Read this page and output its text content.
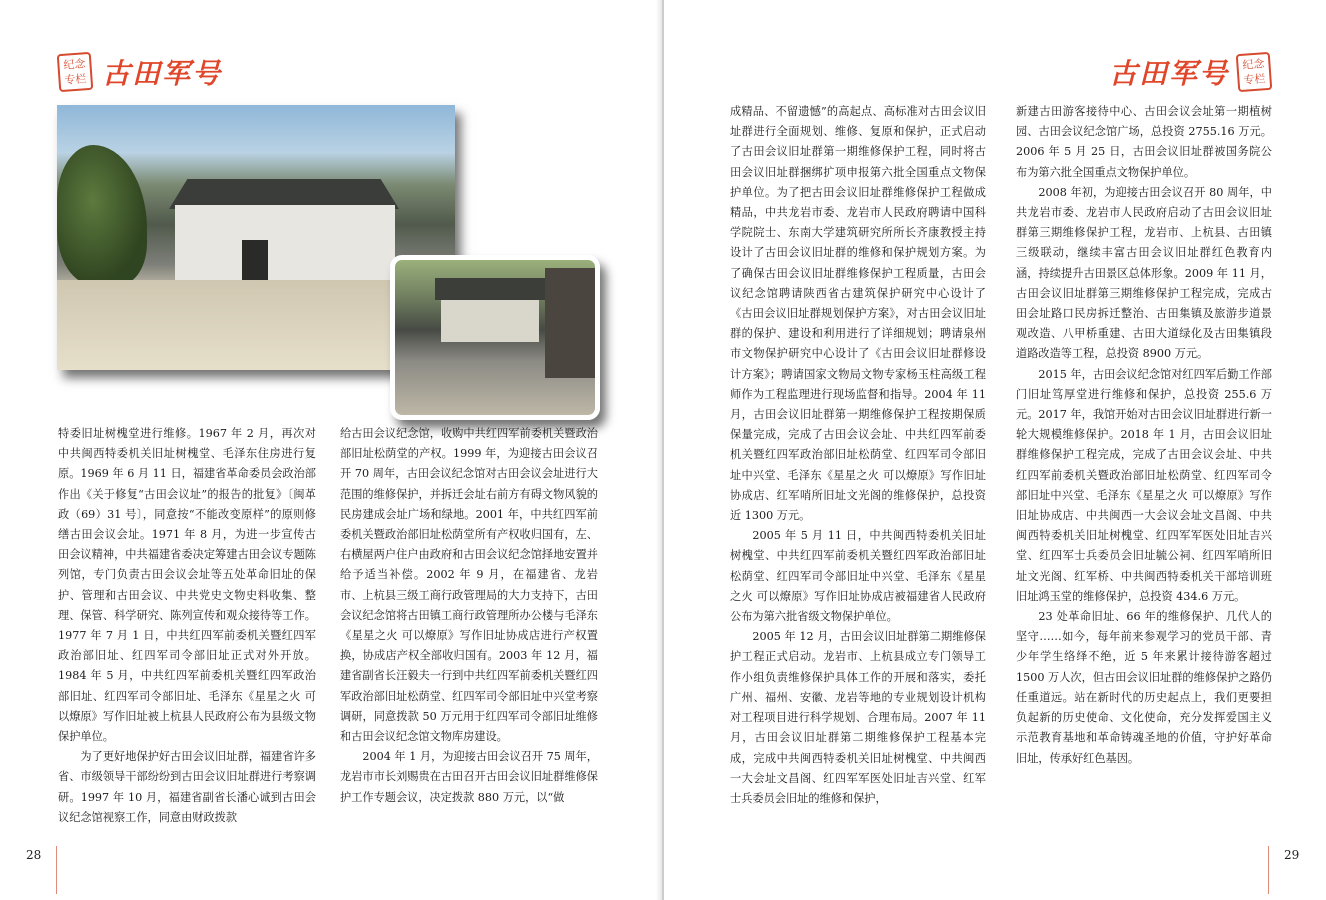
纪念专栏 古田军号

特委旧址树槐堂进行维修。1967 年 2 月，再次对中共闽西特委机关旧址树槐堂、毛泽东住房进行复原。1969 年 6 月 11 日，福建省革命委员会政治部作出《关于修复“古田会议址”的报告的批复》〔闽革政（69）31 号〕，同意按“不能改变原样”的原则修缮古田会议会址。1971 年 8 月，为进一步宣传古田会议精神，中共福建省委决定筹建古田会议专题陈列馆，专门负责古田会议会址等五处革命旧址的保护、管理和古田会议、中共党史文物史料收集、整理、保管、科学研究、陈列宣传和观众接待等工作。1977 年 7 月 1 日，中共红四军前委机关暨红四军政治部旧址、红四军司令部旧址正式对外开放。1984 年 5 月，中共红四军前委机关暨红四军政治部旧址、红四军司令部旧址、毛泽东《星星之火 可以燎原》写作旧址被上杭县人民政府公布为县级文物保护单位。

为了更好地保护好古田会议旧址群，福建省许多省、市级领导干部纷纷到古田会议旧址群进行考察调研。1997 年 10 月，福建省副省长潘心诚到古田会议纪念馆视察工作，同意由财政拨款

给古田会议纪念馆，收购中共红四军前委机关暨政治部旧址松荫堂的产权。1999 年，为迎接古田会议召开 70 周年，古田会议纪念馆对古田会议会址进行大范围的维修保护，并拆迁会址右前方有碍文物风貌的民房建成会址广场和绿地。2001 年，中共红四军前委机关暨政治部旧址松荫堂所有产权收归国有，左、右横屋两户住户由政府和古田会议纪念馆择地安置并给予适当补偿。2002 年 9 月，在福建省、龙岩市、上杭县三级工商行政管理局的大力支持下，古田会议纪念馆将古田镇工商行政管理所办公楼与毛泽东《星星之火 可以燎原》写作旧址协成店进行产权置换，协成店产权全部收归国有。2003 年 12 月，福建省副省长汪毅夫一行到中共红四军前委机关暨红四军政治部旧址松荫堂、红四军司令部旧址中兴堂考察调研，同意拨款 50 万元用于红四军司令部旧址维修和古田会议纪念馆文物库房建设。

2004 年 1 月，为迎接古田会议召开 75 周年，龙岩市市长刘赐贵在古田召开古田会议旧址群维修保护工作专题会议，决定拨款 880 万元，以“做

28
古田军号	纪念专栏

成精品、不留遗憾”的高起点、高标准对古田会议旧址群进行全面规划、维修、复原和保护，正式启动了古田会议旧址群第一期维修保护工程，同时将古田会议旧址群捆绑扩项申报第六批全国重点文物保护单位。为了把古田会议旧址群维修保护工程做成精品，中共龙岩市委、龙岩市人民政府聘请中国科学院院士、东南大学建筑研究所所长齐康教授主持设计了古田会议旧址群的维修和保护规划方案。为了确保古田会议旧址群维修保护工程质量，古田会议纪念馆聘请陕西省古建筑保护研究中心设计了《古田会议旧址群规划保护方案》，对古田会议旧址群的保护、建设和利用进行了详细规划；聘请泉州市文物保护研究中心设计了《古田会议旧址群修设计方案》；聘请国家文物局文物专家杨玉柱高级工程师作为工程监理进行现场监督和指导。2004 年 11 月，古田会议旧址群第一期维修保护工程按期保质保量完成，完成了古田会议会址、中共红四军前委机关暨红四军政治部旧址松荫堂、红四军司令部旧址中兴堂、毛泽东《星星之火 可以燎原》写作旧址协成店、红军哨所旧址文光阁的维修保护，总投资近 1300 万元。

2005 年 5 月 11 日，中共闽西特委机关旧址树槐堂、中共红四军前委机关暨红四军政治部旧址松荫堂、红四军司令部旧址中兴堂、毛泽东《星星之火 可以燎原》写作旧址协成店被福建省人民政府公布为第六批省级文物保护单位。

2005 年 12 月，古田会议旧址群第二期维修保护工程正式启动。龙岩市、上杭县成立专门领导工作小组负责维修保护具体工作的开展和落实，委托广州、福州、安徽、龙岩等地的专业规划设计机构对工程项目进行科学规划、合理布局。2007 年 11 月，古田会议旧址群第二期维修保护工程基本完成，完成中共闽西特委机关旧址树槐堂、中共闽西一大会址文昌阁、红四军军医处旧址吉兴堂、红军士兵委员会旧址的维修和保护，

新建古田游客接待中心、古田会议会址第一期植树园、古田会议纪念馆广场，总投资 2755.16 万元。2006 年 5 月 25 日，古田会议旧址群被国务院公布为第六批全国重点文物保护单位。

2008 年初，为迎接古田会议召开 80 周年，中共龙岩市委、龙岩市人民政府启动了古田会议旧址群第三期维修保护工程，龙岩市、上杭县、古田镇三级联动，继续丰富古田会议旧址群红色教育内涵，持续提升古田景区总体形象。2009 年 11 月，古田会议旧址群第三期维修保护工程完成，完成古田会址路口民房拆迁整治、古田集镇及旅游步道景观改造、八甲桥重建、古田大道绿化及古田集镇段道路改造等工程，总投资 8900 万元。

2015 年，古田会议纪念馆对红四军后勤工作部门旧址笃厚堂进行维修和保护，总投资 255.6 万元。2017 年，我馆开始对古田会议旧址群进行新一轮大规模维修保护。2018 年 1 月，古田会议旧址群维修保护工程完成，完成了古田会议会址、中共红四军前委机关暨政治部旧址松荫堂、红四军司令部旧址中兴堂、毛泽东《星星之火 可以燎原》写作旧址协成店、中共闽西一大会议会址文昌阁、中共闽西特委机关旧址树槐堂、红四军军医处旧址吉兴堂、红四军士兵委员会旧址毓公祠、红四军哨所旧址文光阁、红军桥、中共闽西特委机关干部培训班旧址鸿玉堂的维修保护，总投资 434.6 万元。

23 处革命旧址、66 年的维修保护、几代人的坚守……如今，每年前来参观学习的党员干部、青少年学生络绎不绝，近 5 年来累计接待游客超过 1500 万人次，但古田会议旧址群的维修保护之路仍任重道远。站在新时代的历史起点上，我们更要担负起新的历史使命、文化使命，充分发挥爱国主义示范教育基地和革命铸魂圣地的价值，守护好革命旧址，传承好红色基因。

29
